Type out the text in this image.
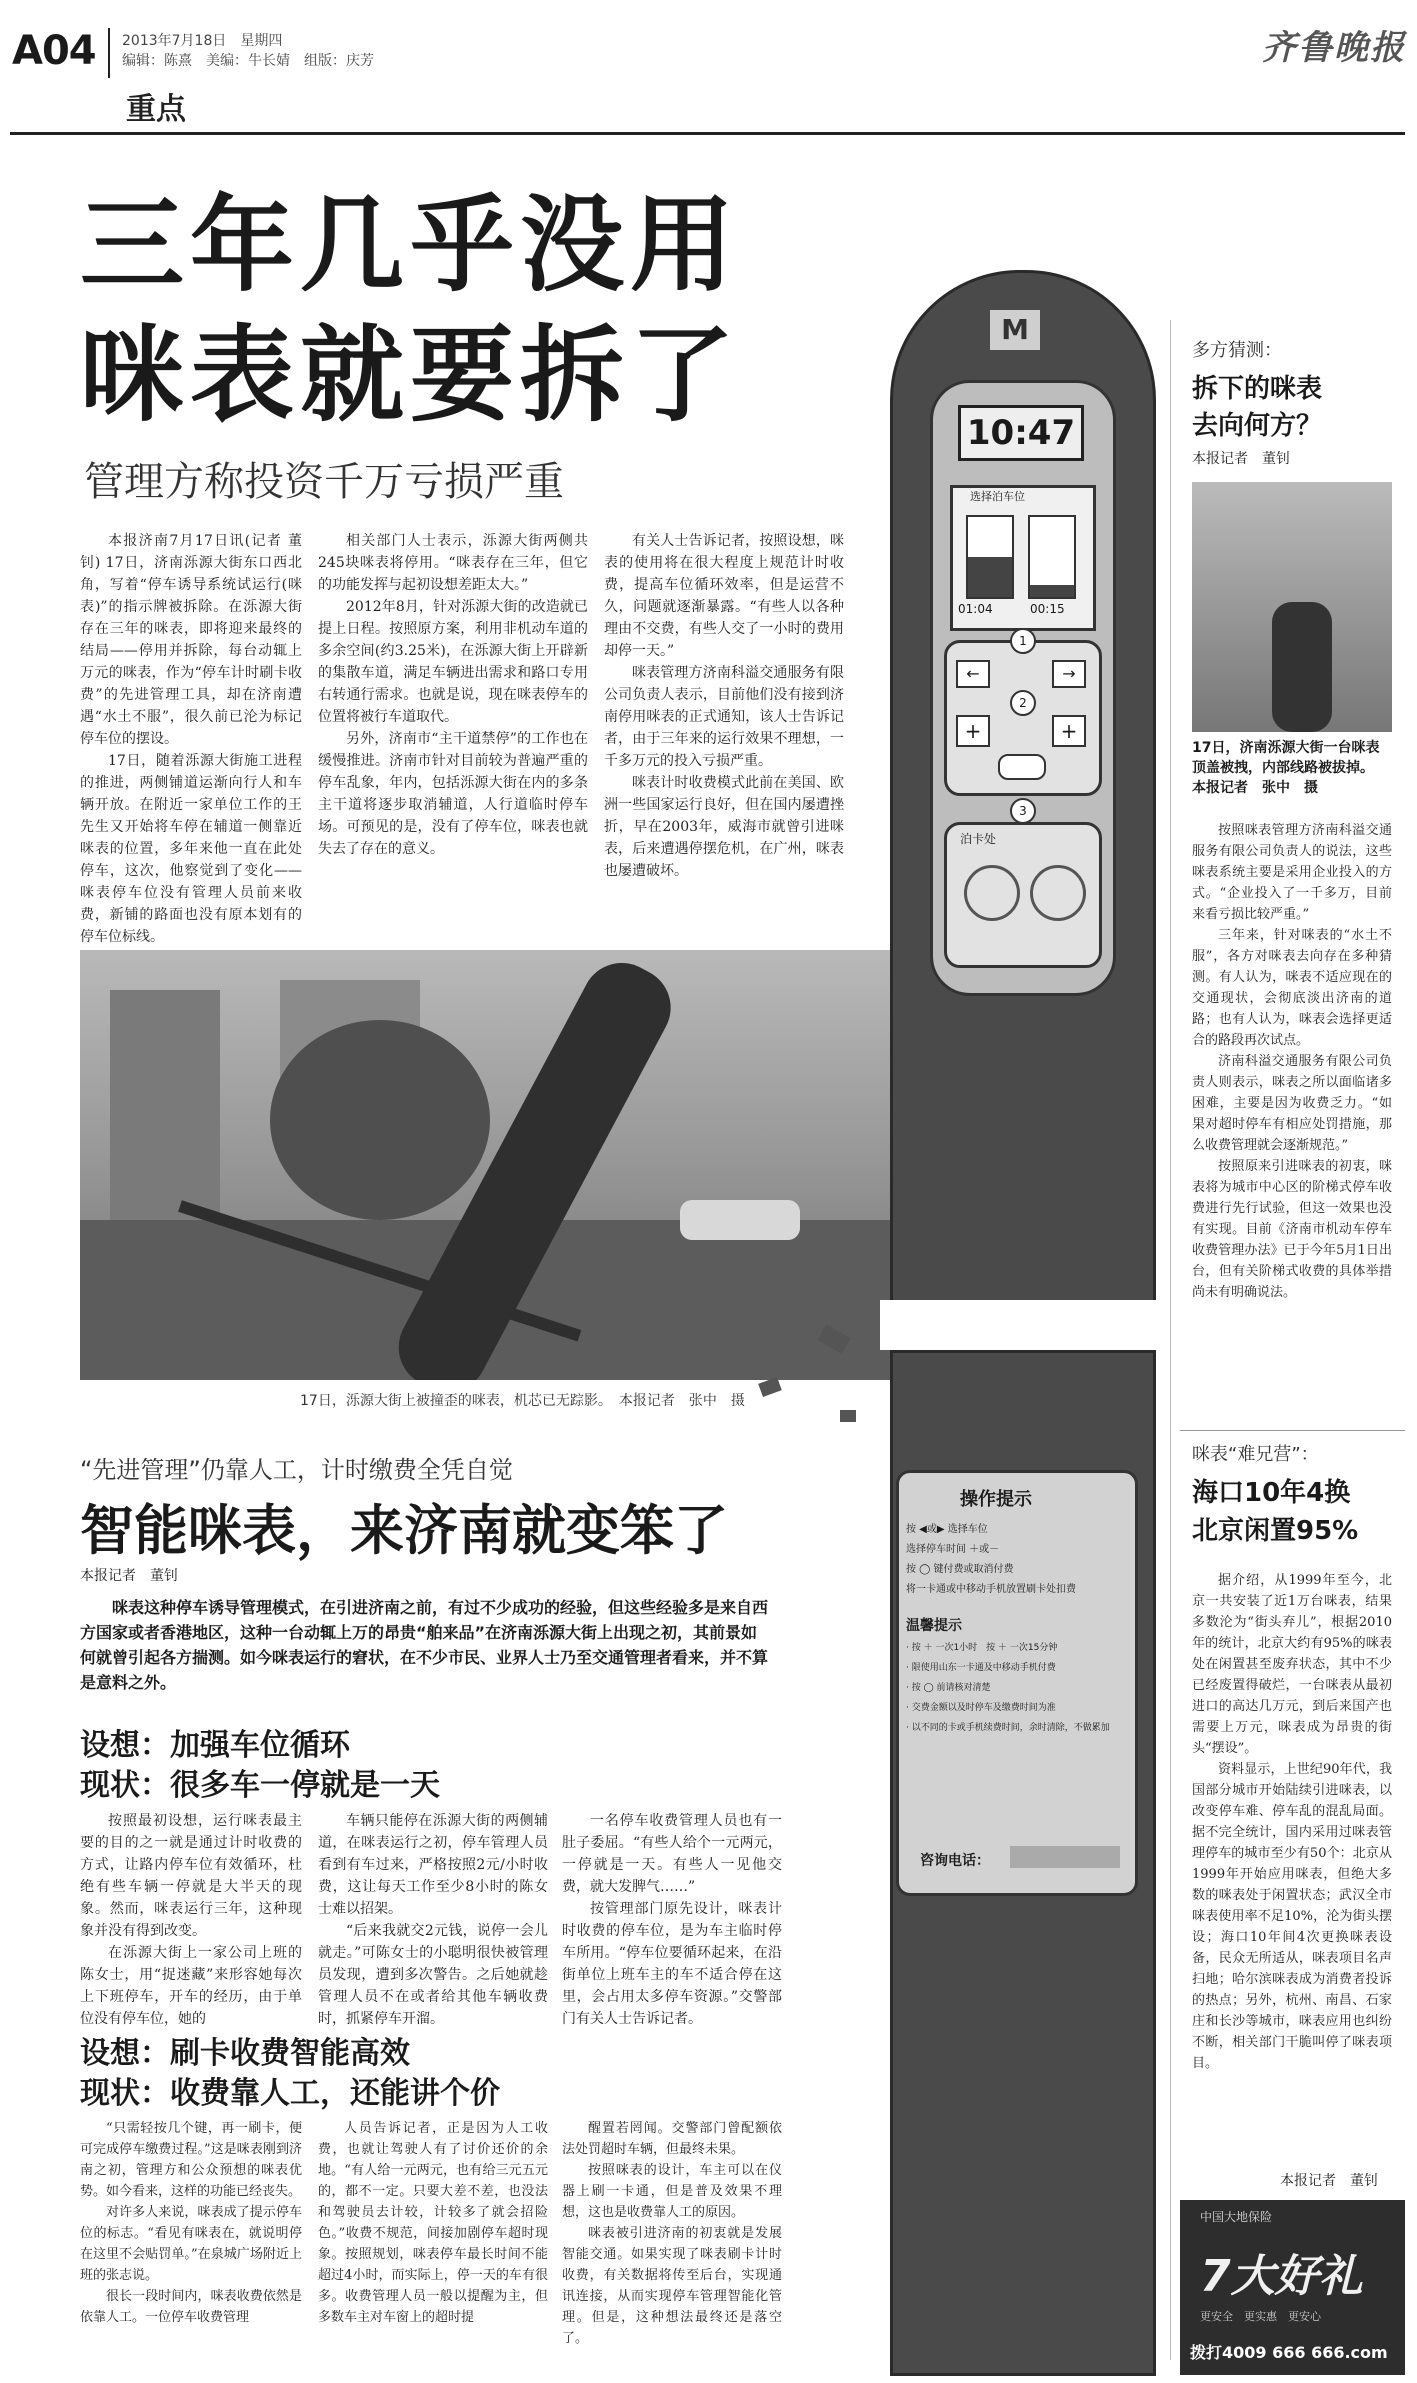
A04 2013年7月18日　星期四
编辑：陈熹　美编：牛长婧　组版：庆芳	齐鲁晚报
重点
三年几乎没用
咪表就要拆了
管理方称投资千万亏损严重

本报济南7月17日讯(记者 董钊) 17日，济南泺源大街东口西北角，写着“停车诱导系统试运行(咪表)”的指示牌被拆除。在泺源大街存在三年的咪表，即将迎来最终的结局——停用并拆除，每台动辄上万元的咪表，作为“停车计时刷卡收费”的先进管理工具，却在济南遭遇“水土不服”，很久前已沦为标记停车位的摆设。

17日，随着泺源大街施工进程的推进，两侧铺道运渐向行人和车辆开放。在附近一家单位工作的王先生又开始将车停在辅道一侧靠近咪表的位置，多年来他一直在此处停车，这次，他察觉到了变化——咪表停车位没有管理人员前来收费，新铺的路面也没有原本划有的停车位标线。

相关部门人士表示，泺源大街两侧共245块咪表将停用。“咪表存在三年，但它的功能发挥与起初设想差距太大。”

2012年8月，针对泺源大街的改造就已提上日程。按照原方案，利用非机动车道的多余空间(约3.25米)，在泺源大街上开辟新的集散车道，满足车辆进出需求和路口专用右转通行需求。也就是说，现在咪表停车的位置将被行车道取代。

另外，济南市“主干道禁停”的工作也在缓慢推进。济南市针对目前较为普遍严重的停车乱象，年内，包括泺源大街在内的多条主干道将逐步取消辅道，人行道临时停车场。可预见的是，没有了停车位，咪表也就失去了存在的意义。

有关人士告诉记者，按照设想，咪表的使用将在很大程度上规范计时收费，提高车位循环效率，但是运营不久，问题就逐渐暴露。“有些人以各种理由不交费，有些人交了一小时的费用却停一天。”

咪表管理方济南科溢交通服务有限公司负责人表示，目前他们没有接到济南停用咪表的正式通知，该人士告诉记者，由于三年来的运行效果不理想，一千多万元的投入亏损严重。

咪表计时收费模式此前在美国、欧洲一些国家运行良好，但在国内屡遭挫折，早在2003年，威海市就曾引进咪表，后来遭遇停摆危机，在广州，咪表也屡遭破坏。

17日，泺源大街上被撞歪的咪表，机芯已无踪影。　本报记者　张中　摄
M
10:47
选择泊车位
01:04	00:15
1
←	→
2
+	+
3
泊卡处
操作提示
按 ◀或▶ 选择车位
选择停车时间 ＋或－
按 ◯ 键付费或取消付费
将一卡通或中移动手机放置刷卡处扣费
温馨提示
· 按 ＋ 一次1小时　按 ＋ 一次15分钟
· 限使用山东一卡通及中移动手机付费
· 按 ◯ 前请核对清楚
· 交费金额以及时停车及缴费时间为准
· 以不同的卡或手机续费时间，余时清除，不做累加
咨询电话：
多方猜测：
拆下的咪表
去向何方？
本报记者　董钊
17日，济南泺源大街一台咪表顶盖被拽，内部线路被拔掉。　本报记者　张中　摄

按照咪表管理方济南科溢交通服务有限公司负责人的说法，这些咪表系统主要是采用企业投入的方式。“企业投入了一千多万，目前来看亏损比较严重。”

三年来，针对咪表的“水土不服”，各方对咪表去向存在多种猜测。有人认为，咪表不适应现在的交通现状，会彻底淡出济南的道路；也有人认为，咪表会选择更适合的路段再次试点。

济南科溢交通服务有限公司负责人则表示，咪表之所以面临诸多困难，主要是因为收费乏力。“如果对超时停车有相应处罚措施，那么收费管理就会逐渐规范。”

按照原来引进咪表的初衷，咪表将为城市中心区的阶梯式停车收费进行先行试验，但这一效果也没有实现。目前《济南市机动车停车收费管理办法》已于今年5月1日出台，但有关阶梯式收费的具体举措尚未有明确说法。

咪表“难兄营”：
海口10年4换
北京闲置95%

据介绍，从1999年至今，北京一共安装了近1万台咪表，结果多数沦为“街头弃儿”，根据2010年的统计，北京大约有95%的咪表处在闲置甚至废弃状态，其中不少已经废置得破烂，一台咪表从最初进口的高达几万元，到后来国产也需要上万元，咪表成为昂贵的街头“摆设”。

资料显示，上世纪90年代，我国部分城市开始陆续引进咪表，以改变停车难、停车乱的混乱局面。据不完全统计，国内采用过咪表管理停车的城市至少有50个：北京从1999年开始应用咪表，但绝大多数的咪表处于闲置状态；武汉全市咪表使用率不足10%，沦为街头摆设；海口10年间4次更换咪表设备，民众无所适从，咪表项目名声扫地；哈尔滨咪表成为消费者投诉的热点；另外，杭州、南昌、石家庄和长沙等城市，咪表应用也纠纷不断，相关部门干脆叫停了咪表项目。

本报记者　董钊
中国大地保险
7大好礼
更安全　更实惠　更安心
拨打4009 666 666.com
“先进管理”仍靠人工，计时缴费全凭自觉
智能咪表，来济南就变笨了
本报记者　董钊
咪表这种停车诱导管理模式，在引进济南之前，有过不少成功的经验，但这些经验多是来自西方国家或者香港地区，这种一台动辄上万的昂贵“舶来品”在济南泺源大街上出现之初，其前景如何就曾引起各方揣测。如今咪表运行的窘状，在不少市民、业界人士乃至交通管理者看来，并不算是意料之外。
设想：加强车位循环
现状：很多车一停就是一天

按照最初设想，运行咪表最主要的目的之一就是通过计时收费的方式，让路内停车位有效循环，杜绝有些车辆一停就是大半天的现象。然而，咪表运行三年，这种现象并没有得到改变。

在泺源大街上一家公司上班的陈女士，用“捉迷藏”来形容她每次上下班停车，开车的经历，由于单位没有停车位，她的

车辆只能停在泺源大街的两侧辅道，在咪表运行之初，停车管理人员看到有车过来，严格按照2元/小时收费，这让每天工作至少8小时的陈女士难以招架。

“后来我就交2元钱，说停一会儿就走。”可陈女士的小聪明很快被管理员发现，遭到多次警告。之后她就趁管理人员不在或者给其他车辆收费时，抓紧停车开溜。

一名停车收费管理人员也有一肚子委屈。“有些人给个一元两元，一停就是一天。有些人一见他交费，就大发脾气……”

按管理部门原先设计，咪表计时收费的停车位，是为车主临时停车所用。“停车位要循环起来，在沿街单位上班车主的车不适合停在这里，会占用太多停车资源。”交警部门有关人士告诉记者。

设想：刷卡收费智能高效
现状：收费靠人工，还能讲个价

“只需轻按几个键，再一刷卡，便可完成停车缴费过程。”这是咪表刚到济南之初，管理方和公众预想的咪表优势。如今看来，这样的功能已经丧失。

对许多人来说，咪表成了提示停车位的标志。“看见有咪表在，就说明停在这里不会贴罚单。”在泉城广场附近上班的张志说。

很长一段时间内，咪表收费依然是依靠人工。一位停车收费管理

人员告诉记者，正是因为人工收费，也就让驾驶人有了讨价还价的余地。“有人给一元两元，也有给三元五元的，都不一定。只要大差不差，也没法和驾驶员去计较，计较多了就会招险色。”收费不规范，间接加剧停车超时现象。按照规划，咪表停车最长时间不能超过4小时，而实际上，停一天的车有很多。收费管理人员一般以提醒为主，但多数车主对车窗上的超时提

醒置若罔闻。交警部门曾配额依法处罚超时车辆，但最终未果。

按照咪表的设计，车主可以在仪器上刷一卡通，但是普及效果不理想，这也是收费靠人工的原因。

咪表被引进济南的初衷就是发展智能交通。如果实现了咪表刷卡计时收费，有关数据将传至后台，实现通讯连接，从而实现停车管理智能化管理。但是，这种想法最终还是落空了。
